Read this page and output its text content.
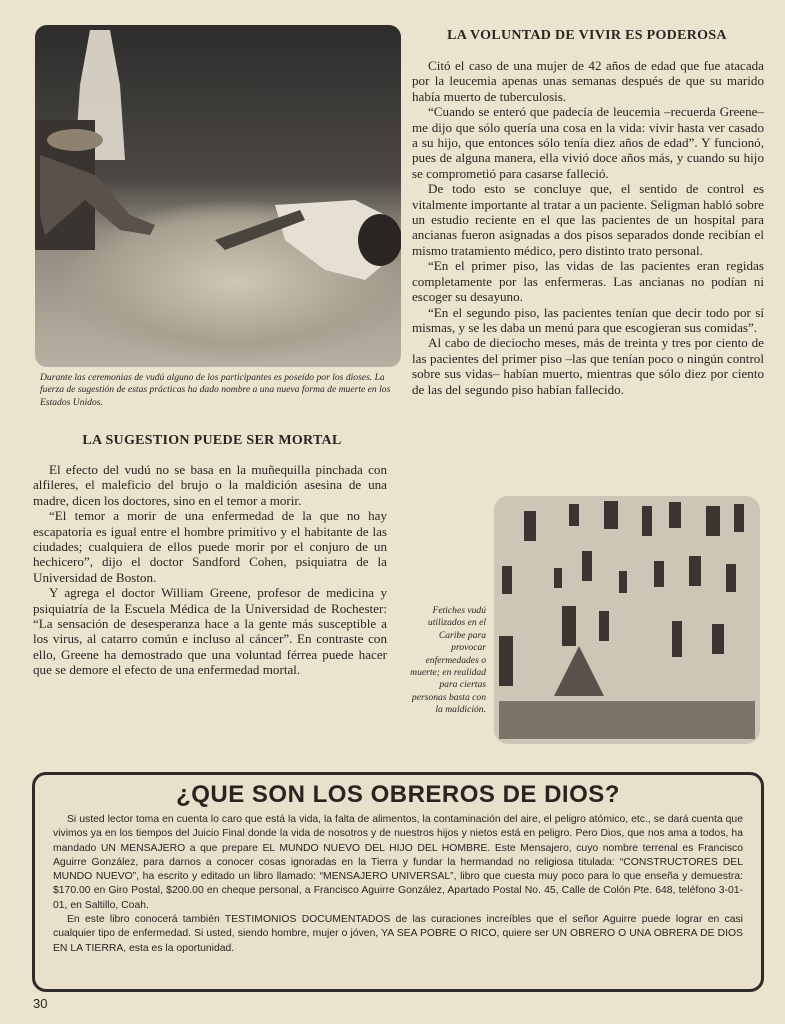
Durante las ceremonias de vudú alguno de los participantes es poseído por los dioses. La fuerza de sugestión de estas prácticas ha dado nombre a una nueva forma de muerte en los Estados Unidos.
LA VOLUNTAD DE VIVIR ES PODEROSA

Citó el caso de una mujer de 42 años de edad que fue atacada por la leucemia apenas unas semanas después de que su marido había muerto de tuberculosis.

“Cuando se enteró que padecía de leucemia –recuerda Greene– me dijo que sólo quería una cosa en la vida: vivir hasta ver casado a su hijo, que entonces sólo tenía diez años de edad”. Y funcionó, pues de alguna manera, ella vivió doce años más, y cuando su hijo se comprometió para casarse falleció.

De todo esto se concluye que, el sentido de control es vitalmente importante al tratar a un paciente. Seligman habló sobre un estudio reciente en el que las pacientes de un hospital para ancianas fueron asignadas a dos pisos separados donde recibían el mismo tratamiento médico, pero distinto trato personal.

“En el primer piso, las vidas de las pacientes eran regidas completamente por las enfermeras. Las ancianas no podían ni escoger su desayuno.

“En el segundo piso, las pacientes tenían que decir todo por sí mismas, y se les daba un menú para que escogieran sus comidas”.

Al cabo de dieciocho meses, más de treinta y tres por ciento de las pacientes del primer piso –las que tenían poco o ningún control sobre sus vidas– habían muerto, mientras que sólo diez por ciento de las del segundo piso habían fallecido.

LA SUGESTION PUEDE SER MORTAL

El efecto del vudú no se basa en la muñequilla pinchada con alfileres, el maleficio del brujo o la maldición asesina de una madre, dicen los doctores, sino en el temor a morir.

“El temor a morir de una enfermedad de la que no hay escapatoria es igual entre el hombre primitivo y el habitante de las ciudades; cualquiera de ellos puede morir por el conjuro de un hechicero”, dijo el doctor Sandford Cohen, psiquiatra de la Universidad de Boston.

Y agrega el doctor William Greene, profesor de medicina y psiquiatría de la Escuela Médica de la Universidad de Rochester: “La sensación de desesperanza hace a la gente más susceptible a los virus, al catarro común e incluso al cáncer”. En contraste con ello, Greene ha demostrado que una voluntad férrea puede hacer que se demore el efecto de una enfermedad mortal.

Fetiches vudú utilizados en el Caribe para provocar enfermedades o muerte; en realidad para ciertas personas basta con la maldición.
¿QUE SON LOS OBREROS DE DIOS?

Si usted lector toma en cuenta lo caro que está la vida, la falta de alimentos, la contaminación del aire, el peligro atómico, etc., se dará cuenta que vivimos ya en los tiempos del Juicio Final donde la vida de nosotros y de nuestros hijos y nietos está en peligro. Pero Dios, que nos ama a todos, ha mandado UN MENSAJERO a que prepare EL MUNDO NUEVO DEL HIJO DEL HOMBRE. Este Mensajero, cuyo nombre terrenal es Francisco Aguirre González, para darnos a conocer cosas ignoradas en la Tierra y fundar la hermandad no religiosa titulada: “CONSTRUCTORES DEL MUNDO NUEVO”, ha escrito y editado un libro llamado: “MENSAJERO UNIVERSAL”, libro que cuesta muy poco para lo que enseña y demuestra: $170.00 en Giro Postal, $200.00 en cheque personal, a Francisco Aguirre González, Apartado Postal No. 45, Calle de Colón Pte. 648, teléfono 3-01-01, en Saltillo, Coah.

En este libro conocerá también TESTIMONIOS DOCUMENTADOS de las curaciones increíbles que el señor Aguirre puede lograr en casi cualquier tipo de enfermedad. Si usted, siendo hombre, mujer o jóven, YA SEA POBRE O RICO, quiere ser UN OBRERO O UNA OBRERA DE DIOS EN LA TIERRA, esta es la oportunidad.

30
